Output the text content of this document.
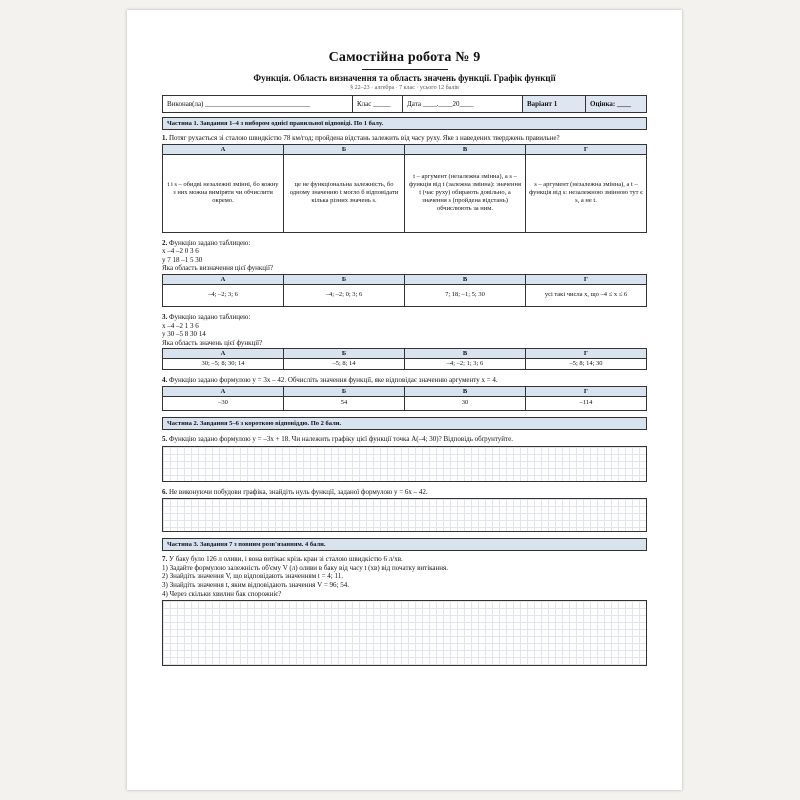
Самостійна робота № 9
Функція. Область визначення та область значень функції. Графік функції
§ 22–23 · алгебра · 7 клас · усього 12 балів
Виконав(ла) ______________________________	Клас _____	Дата ____.____20____	Варіант 1	Оцінка: ____
Частина 1. Завдання 1–4 з вибором однієї правильної відповіді. По 1 балу.
1. Потяг рухається зі сталою швидкістю 78 км/год; пройдена відстань залежить від часу руху. Яке з наведених тверджень правильне?
А	Б	В	Г
t і s – обидві незалежні змінні, бо кожну з них можна виміряти чи обчислити окремо.	це не функціональна залежність, бо одному значенню t могло б відповідати кілька різних значень s.	t – аргумент (незалежна змінна), а s – функція від t (залежна змінна): значення t (час руху) обирають довільно, а значення s (пройдена відстань) обчислюють за ним.	s – аргумент (незалежна змінна), а t – функція від s: незалежною змінною тут є s, а не t.
2. Функцію задано таблицею:
x –4 –2 0 3 6
y 7 18 –1 5 30
Яка область визначення цієї функції?
А	Б	В	Г
–4; –2; 3; 6	–4; –2; 0; 3; 6	7; 18; –1; 5; 30	усі такі числа x, що –4 ≤ x ≤ 6
3. Функцію задано таблицею:
x –4 –2 1 3 6
y 30 –5 8 30 14
Яка область значень цієї функції?
А	Б	В	Г
30; –5; 8; 30; 14	–5; 8; 14	–4; –2; 1; 3; 6	–5; 8; 14; 30
4. Функцію задано формулою y = 3x – 42. Обчисліть значення функції, яке відповідає значенню аргументу x = 4.
А	Б	В	Г
–30	54	30	–114
Частина 2. Завдання 5–6 з короткою відповіддю. По 2 бали.
5. Функцію задано формулою y = –3x + 18. Чи належить графіку цієї функції точка A(–4; 30)? Відповідь обґрунтуйте.
6. Не виконуючи побудови графіка, знайдіть нуль функції, заданої формулою y = 6x – 42.
Частина 3. Завдання 7 з повним розв'язанням. 4 бали.
7. У баку було 126 л оливи, і вона витікає крізь кран зі сталою швидкістю 6 л/хв.
1) Задайте формулою залежність об'єму V (л) оливи в баку від часу t (хв) від початку витікання.
2) Знайдіть значення V, що відповідають значенням t = 4; 11.
3) Знайдіть значення t, яким відповідають значення V = 96; 54.
4) Через скільки хвилин бак спорожніє?
